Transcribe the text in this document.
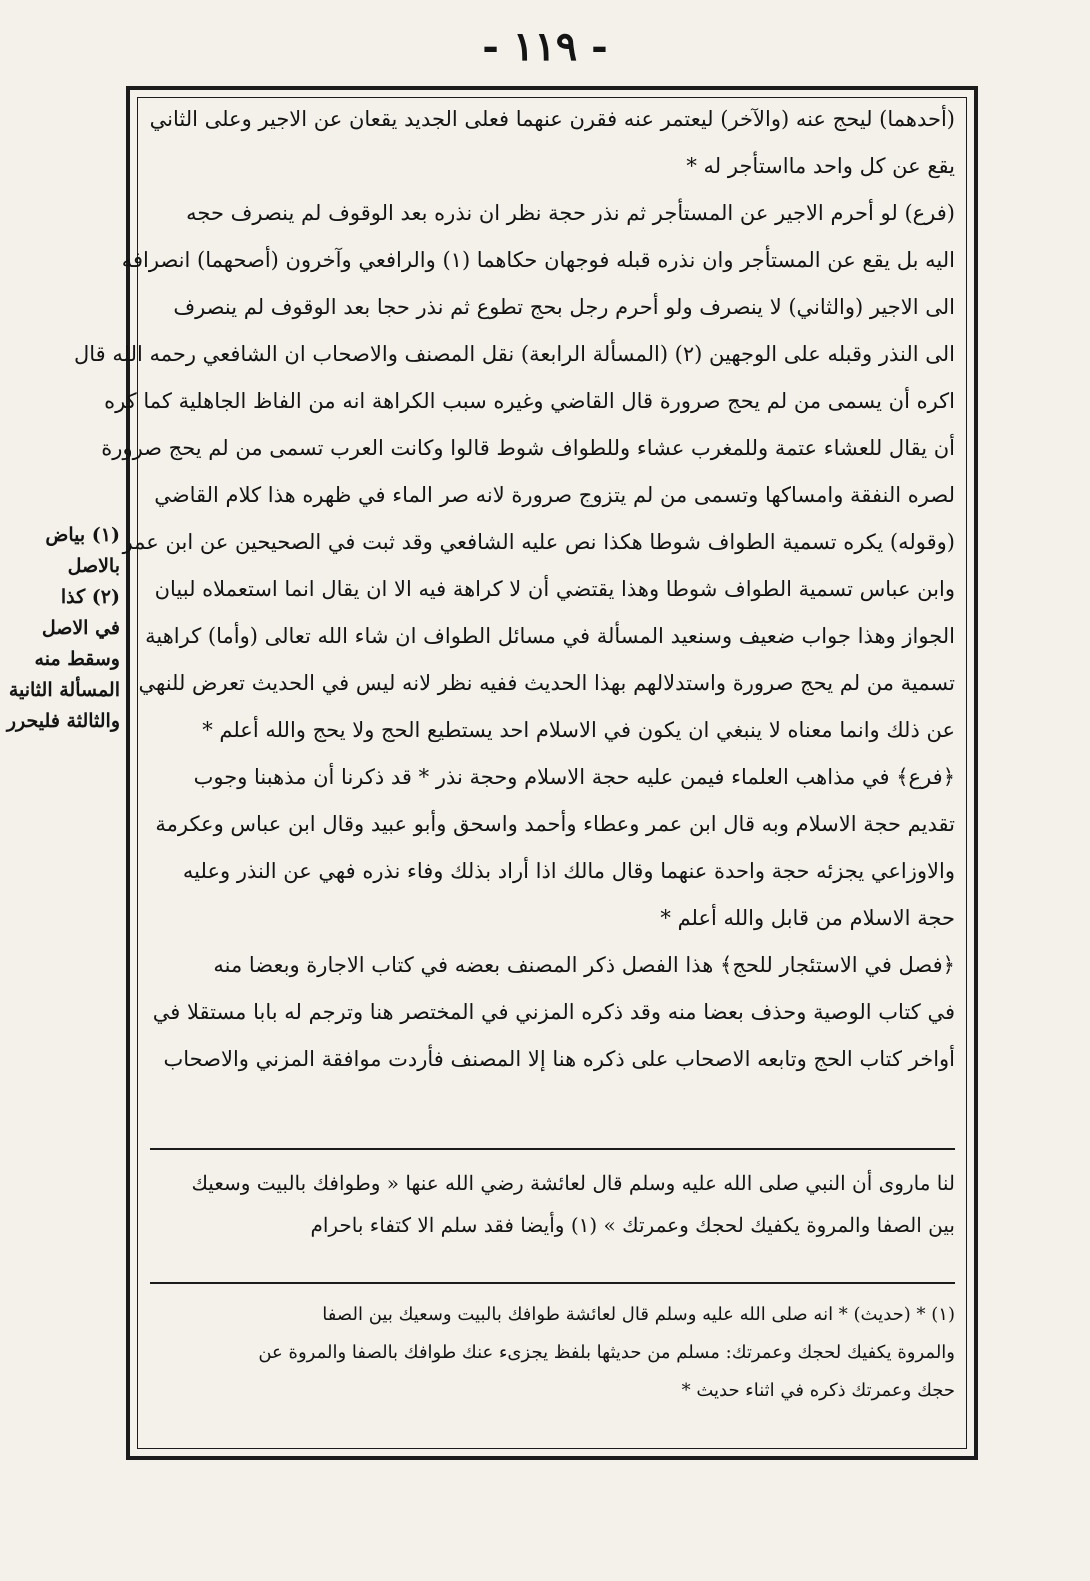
- ١١٩ -
(أحدهما) ليحج عنه (والآخر) ليعتمر عنه فقرن عنهما فعلى الجديد يقعان عن الاجير وعلى الثاني
يقع عن كل واحد مااستأجر له *
(فرع) لو أحرم الاجير عن المستأجر ثم نذر حجة نظر ان نذره بعد الوقوف لم ينصرف حجه
اليه بل يقع عن المستأجر وان نذره قبله فوجهان حكاهما (١) والرافعي وآخرون (أصحهما) انصرافه
الى الاجير (والثاني) لا ينصرف ولو أحرم رجل بحج تطوع ثم نذر حجا بعد الوقوف لم ينصرف
الى النذر وقبله على الوجهين (٢) (المسألة الرابعة) نقل المصنف والاصحاب ان الشافعي رحمه الله قال
اكره أن يسمى من لم يحج صرورة قال القاضي وغيره سبب الكراهة انه من الفاظ الجاهلية كما كره
أن يقال للعشاء عتمة وللمغرب عشاء وللطواف شوط قالوا وكانت العرب تسمى من لم يحج صرورة
لصره النفقة وامساكها وتسمى من لم يتزوج صرورة لانه صر الماء في ظهره هذا كلام القاضي
(وقوله) يكره تسمية الطواف شوطا هكذا نص عليه الشافعي وقد ثبت في الصحيحين عن ابن عمر
وابن عباس تسمية الطواف شوطا وهذا يقتضي أن لا كراهة فيه الا ان يقال انما استعملاه لبيان
الجواز وهذا جواب ضعيف وسنعيد المسألة في مسائل الطواف ان شاء الله تعالى (وأما) كراهية
تسمية من لم يحج صرورة واستدلالهم بهذا الحديث ففيه نظر لانه ليس في الحديث تعرض للنهي
عن ذلك وانما معناه لا ينبغي ان يكون في الاسلام احد يستطيع الحج ولا يحج والله أعلم *
﴿فرع﴾ في مذاهب العلماء فيمن عليه حجة الاسلام وحجة نذر * قد ذكرنا أن مذهبنا وجوب
تقديم حجة الاسلام وبه قال ابن عمر وعطاء وأحمد واسحق وأبو عبيد وقال ابن عباس وعكرمة
والاوزاعي يجزئه حجة واحدة عنهما وقال مالك اذا أراد بذلك وفاء نذره فهي عن النذر وعليه
حجة الاسلام من قابل والله أعلم *
﴿فصل في الاستئجار للحج﴾ هذا الفصل ذكر المصنف بعضه في كتاب الاجارة وبعضا منه
في كتاب الوصية وحذف بعضا منه وقد ذكره المزني في المختصر هنا وترجم له بابا مستقلا في
أواخر كتاب الحج وتابعه الاصحاب على ذكره هنا إلا المصنف فأردت موافقة المزني والاصحاب
لنا ماروى أن النبي صلى الله عليه وسلم قال لعائشة رضي الله عنها « وطوافك بالبيت وسعيك
بين الصفا والمروة يكفيك لحجك وعمرتك » (١) وأيضا فقد سلم الا كتفاء باحرام
(١) * (حديث) * انه صلى الله عليه وسلم قال لعائشة طوافك بالبيت وسعيك بين الصفا
والمروة يكفيك لحجك وعمرتك: مسلم من حديثها بلفظ يجزىء عنك طوافك بالصفا والمروة عن
حجك وعمرتك ذكره في اثناء حديث *
(١) بياض
بالاصل
(٢) كذا
في الاصل
وسقط منه
المسألة الثانية
والثالثة فليحرر
